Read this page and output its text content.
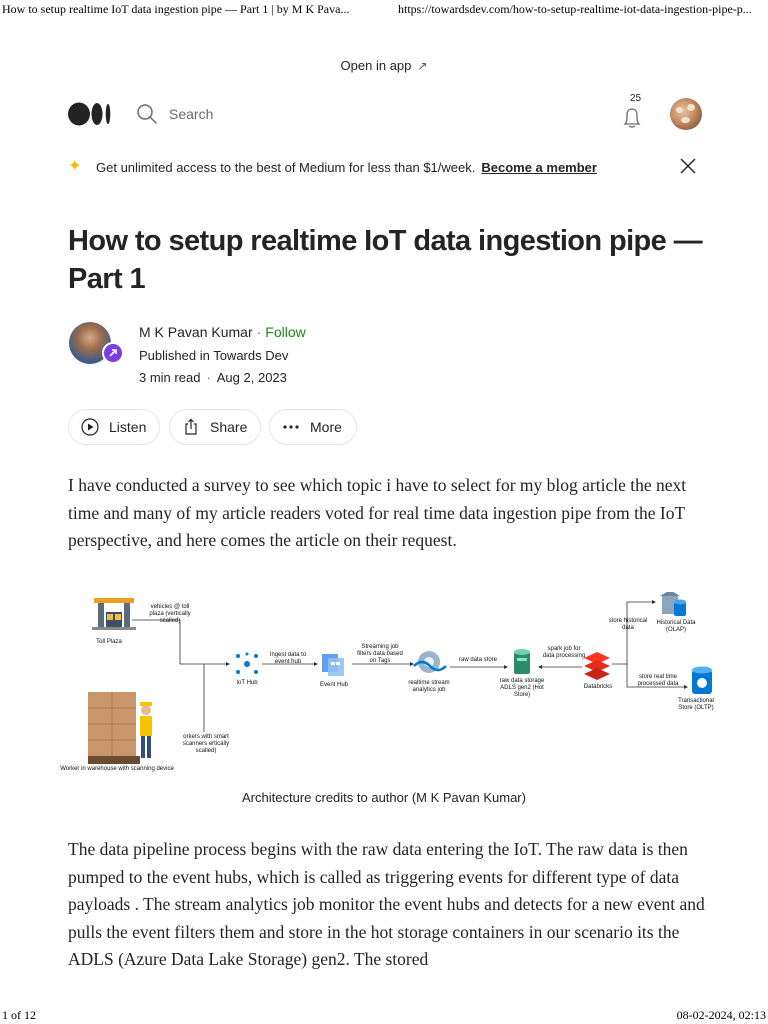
How to setup realtime IoT data ingestion pipe — Part 1 | by M K Pava...	https://towardsdev.com/how-to-setup-realtime-iot-data-ingestion-pipe-p...
Open in app ↗
Search
25
✦ Get unlimited access to the best of Medium for less than $1/week. Become a member
How to setup realtime IoT data ingestion pipe — Part 1
M K Pavan Kumar · Follow
Published in Towards Dev
3 min read · Aug 2, 2023
Listen	Share	More

I have conducted a survey to see which topic i have to select for my blog article the next time and many of my article readers voted for real time data ingestion pipe from the IoT perspective, and here comes the article on their request.

Toll Plaza
vehicles @ toll plaza (vertically scalled)
orkers with smart scanners ertically scalled)
Worker in warehouse with scanning device
IoT Hub
Ingest data to event hub
Event Hub
Streaming job filters data based on Tags
realtime stream analytics job
raw data store
raw data storage ADLS gen2 (Hot Store)
spark job for data processing
Databricks
store historical data
Historical Data (OLAP)
store real time processed data
Transactional Store (OLTP)
Architecture credits to author (M K Pavan Kumar)

The data pipeline process begins with the raw data entering the IoT. The raw data is then pumped to the event hubs, which is called as triggering events for different type of data payloads . The stream analytics job monitor the event hubs and detects for a new event and pulls the event filters them and store in the hot storage containers in our scenario its the ADLS (Azure Data Lake Storage) gen2. The stored

1 of 12	08-02-2024, 02:13
